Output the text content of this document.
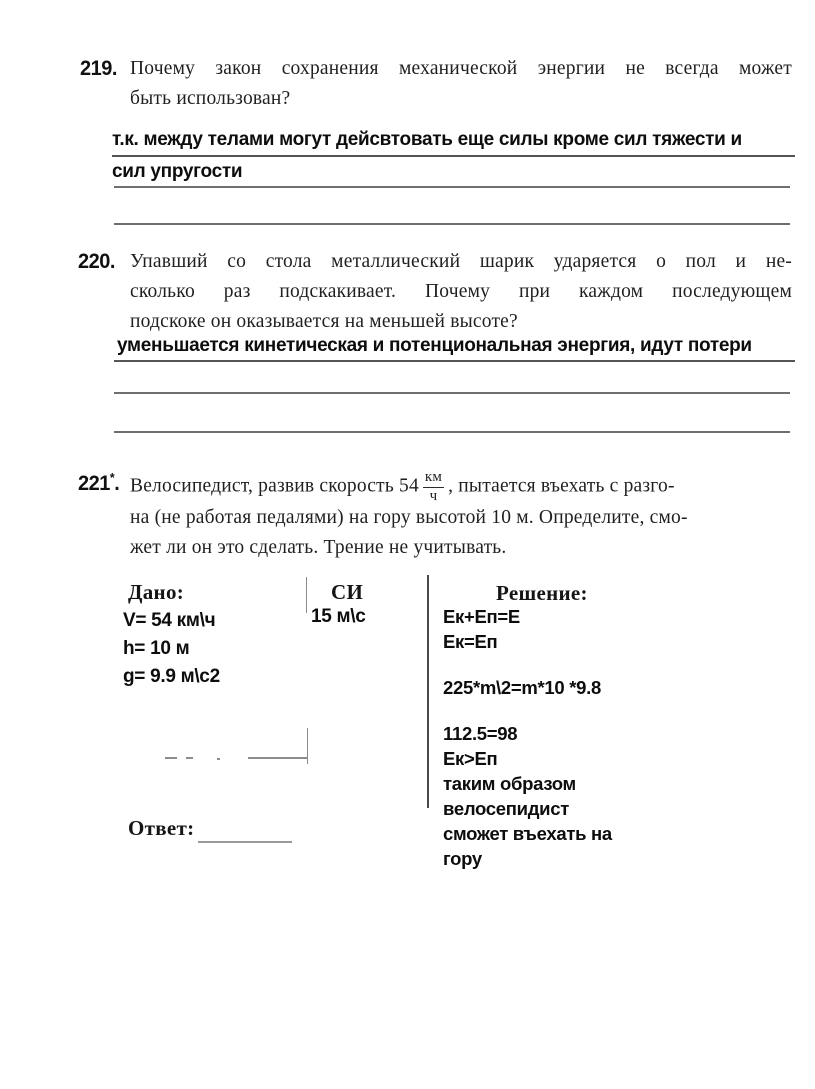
219. Почему закон сохранения механической энергии не всегда может
быть использован?
т.к. между телами могут дейсвтовать еще силы кроме сил тяжести и
сил упругости
220. Упавший со стола металлический шарик ударяется о пол и не-
сколько раз подскакивает. Почему при каждом последующем
подскоке он оказывается на меньшей высоте?
уменьшается кинетическая и потенциональная энергия, идут потери
221*. Велосипедист, развив скорость $54 \frac{км}{ч}$ , пытается въехать с разго-
на (не работая педалями) на гору высотой 10 м. Определите, смо-
жет ли он это сделать. Трение не учитывать.
Дано:
V= 54 км\ч
h= 10 м
g= 9.9 м\с2
СИ
15 м\с
Решение:
Ек+Еп=Е
Ек=Еп
225*m\2=m*10 *9.8
112.5=98
Ек>Еп
таким образом
велосепидист
сможет въехать на
гору
Ответ:
